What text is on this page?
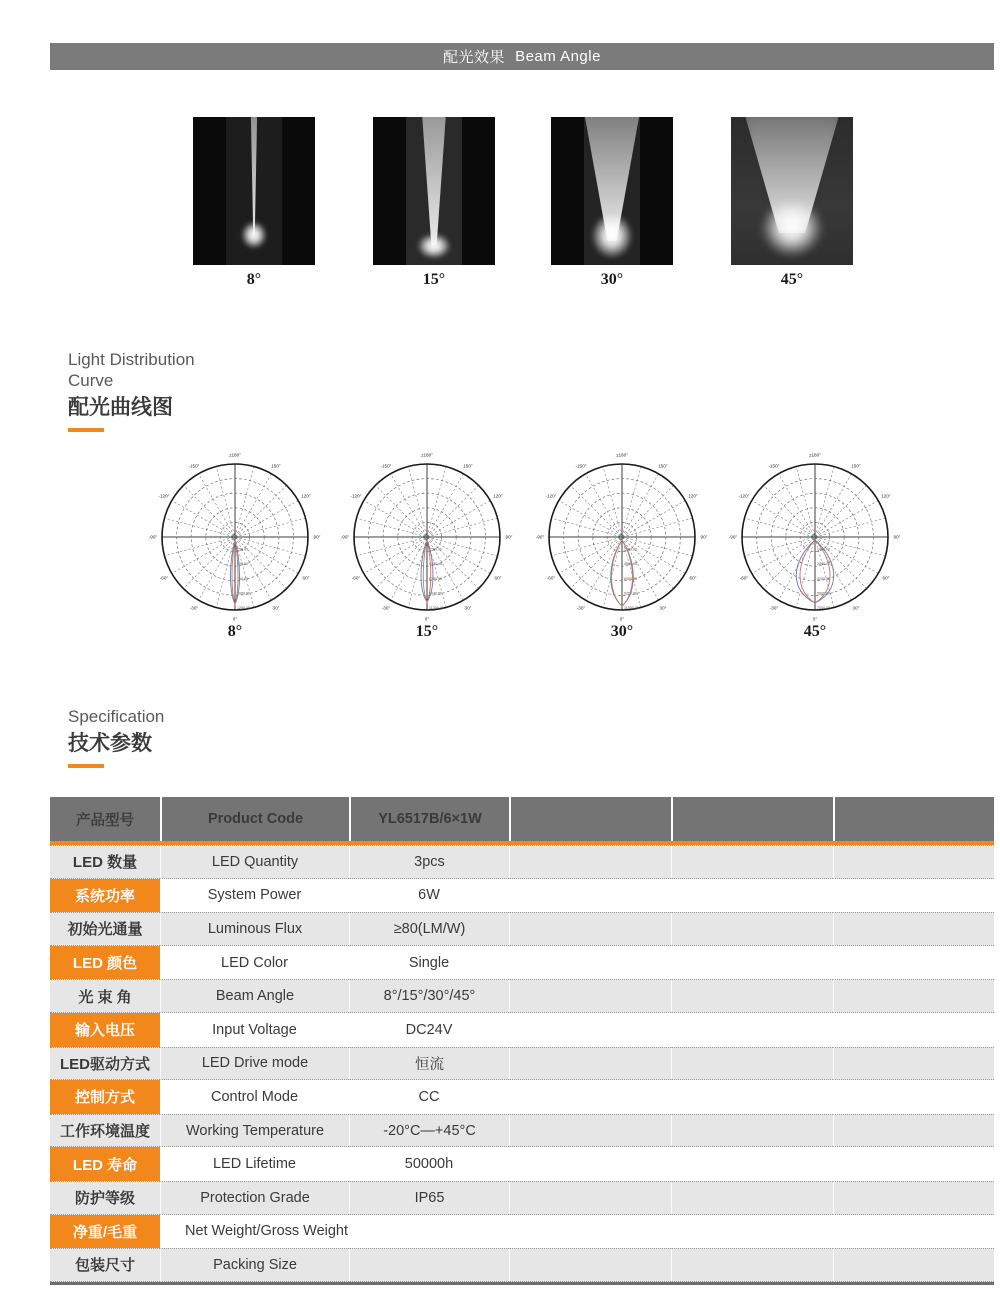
配光效果 Beam Angle
8°	15°	30°	45°
Light Distribution
Curve
配光曲线图
±180°
-150°	150°
-120°	120°
-90°	90°
-60°	60°
-30°	30°
0°
250.00
500.00
750.00
1000.00
1250.00
8°
±180°
-150°	150°
-120°	120°
-90°	90°
-60°	60°
-30°	30°
0°
2260.00
4520.00
6780.00
9040.00
11300.00
15°
±180°
-150°	150°
-120°	120°
-90°	90°
-60°	60°
-30°	30°
0°
2300.00
4600.00
6900.00
9200.00
11500.00
30°
±180°
-150°	150°
-120°	120°
-90°	90°
-60°	60°
-30°	30°
0°
1400.00
2800.00
4200.00
5600.00
7000.00
45°
Specification
技术参数
产品型号	Product Code	YL6517B/6×1W
LED 数量	LED Quantity	3pcs
系统功率	System Power	6W
初始光通量	Luminous Flux	≥80(LM/W)
LED 颜色	LED Color	Single
光 束 角	Beam Angle	8°/15°/30°/45°
输入电压	Input Voltage	DC24V
LED驱动方式	LED Drive mode	恒流
控制方式	Control Mode	CC
工作环境温度	Working Temperature	-20°C—+45°C
LED 寿命	LED Lifetime	50000h
防护等级	Protection Grade	IP65
净重/毛重	Net Weight/Gross Weight
包装尺寸	Packing Size
